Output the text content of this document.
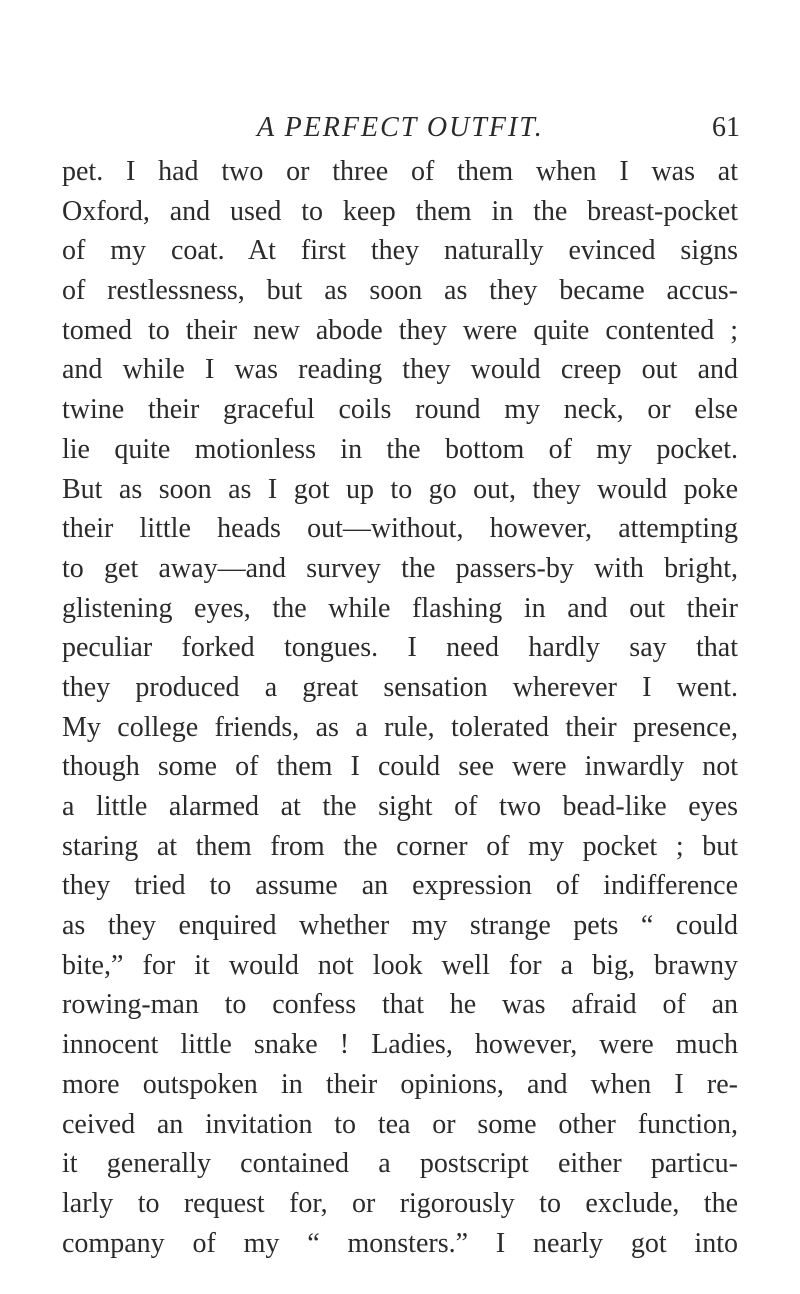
A PERFECT OUTFIT.	61
pet. I had two or three of them when I was at
Oxford, and used to keep them in the breast-pocket
of my coat. At first they naturally evinced signs
of restlessness, but as soon as they became accus-
tomed to their new abode they were quite contented ;
and while I was reading they would creep out and
twine their graceful coils round my neck, or else
lie quite motionless in the bottom of my pocket.
But as soon as I got up to go out, they would poke
their little heads out—without, however, attempting
to get away—and survey the passers-by with bright,
glistening eyes, the while flashing in and out their
peculiar forked tongues. I need hardly say that
they produced a great sensation wherever I went.
My college friends, as a rule, tolerated their presence,
though some of them I could see were inwardly not
a little alarmed at the sight of two bead-like eyes
staring at them from the corner of my pocket ; but
they tried to assume an expression of indifference
as they enquired whether my strange pets “ could
bite,” for it would not look well for a big, brawny
rowing-man to confess that he was afraid of an
innocent little snake ! Ladies, however, were much
more outspoken in their opinions, and when I re-
ceived an invitation to tea or some other function,
it generally contained a postscript either particu-
larly to request for, or rigorously to exclude, the
company of my “ monsters.” I nearly got into
